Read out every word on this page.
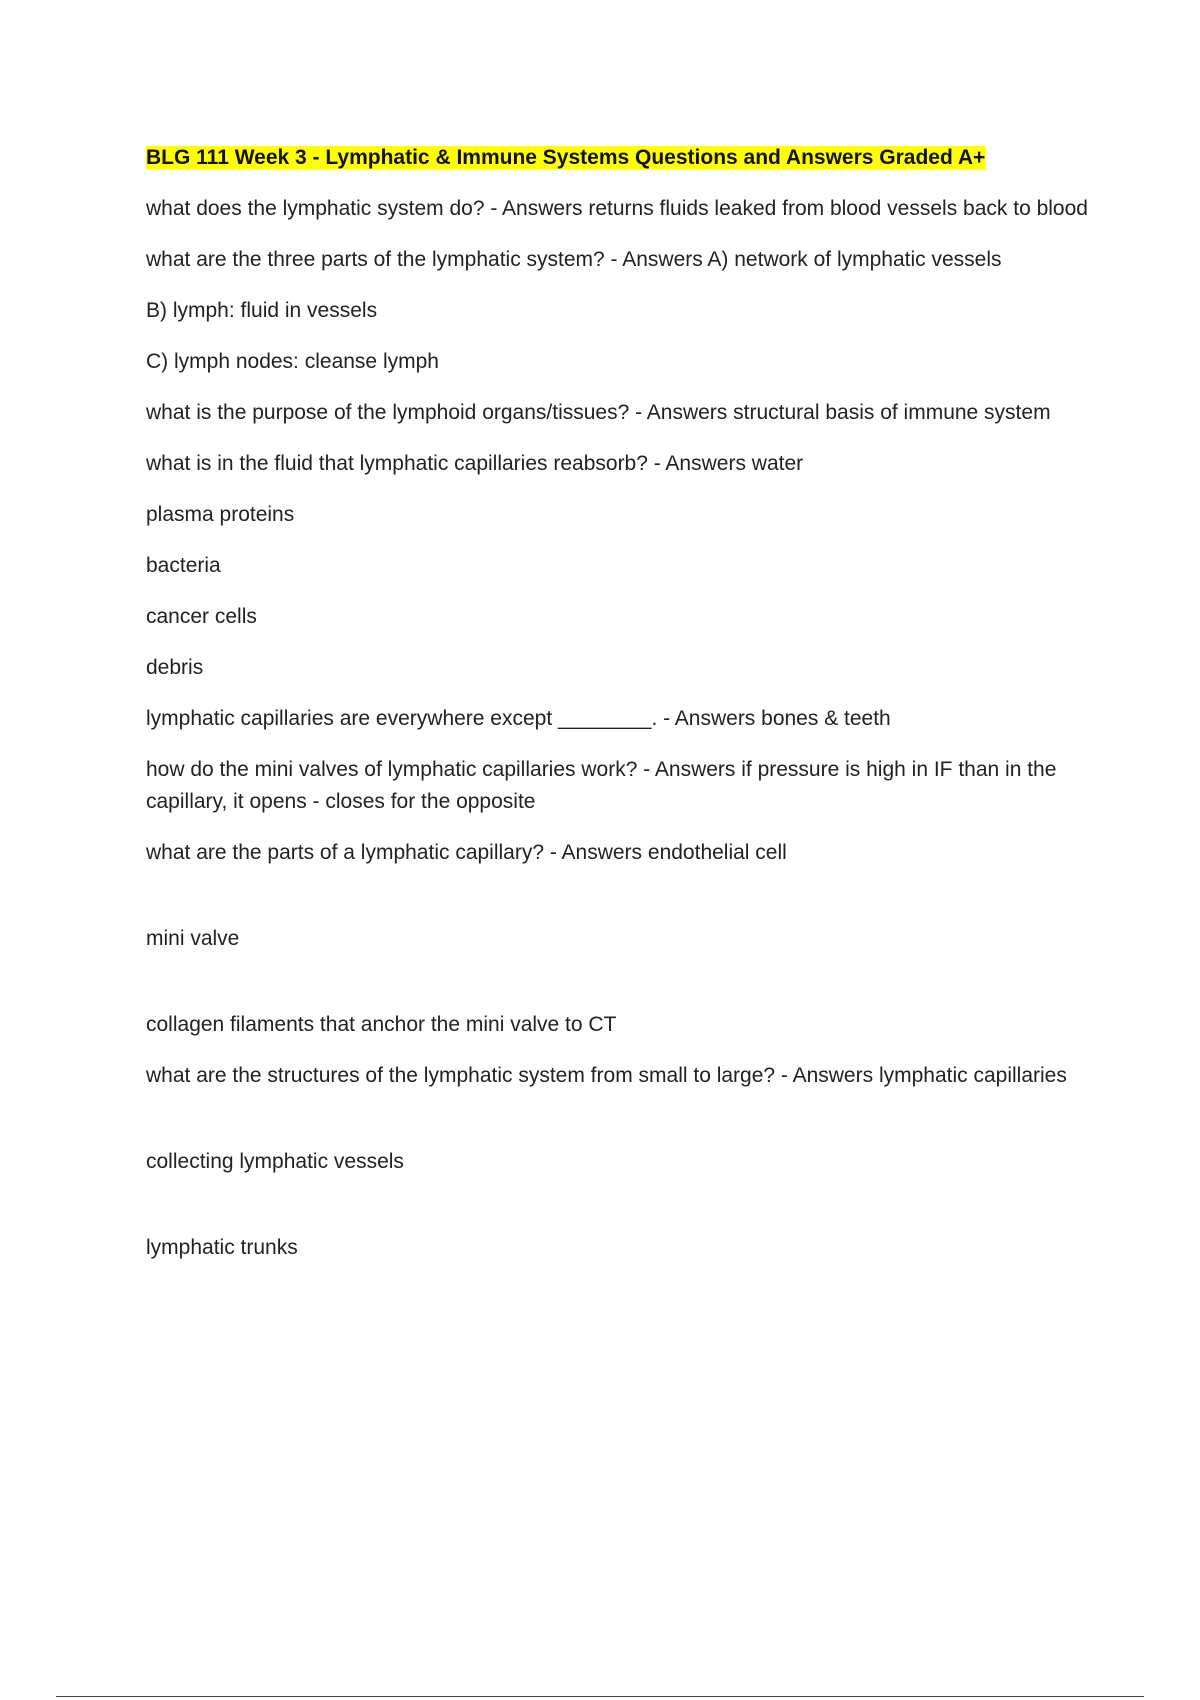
BLG 111 Week 3 - Lymphatic & Immune Systems Questions and Answers Graded A+
what does the lymphatic system do? - Answers returns fluids leaked from blood vessels back to blood
what are the three parts of the lymphatic system? - Answers A) network of lymphatic vessels
B) lymph: fluid in vessels
C) lymph nodes: cleanse lymph
what is the purpose of the lymphoid organs/tissues? - Answers structural basis of immune system
what is in the fluid that lymphatic capillaries reabsorb? - Answers water
plasma proteins
bacteria
cancer cells
debris
lymphatic capillaries are everywhere except ________. - Answers bones & teeth
how do the mini valves of lymphatic capillaries work? - Answers if pressure is high in IF than in the capillary, it opens - closes for the opposite
what are the parts of a lymphatic capillary? - Answers endothelial cell
mini valve
collagen filaments that anchor the mini valve to CT
what are the structures of the lymphatic system from small to large? - Answers lymphatic capillaries
collecting lymphatic vessels
lymphatic trunks
